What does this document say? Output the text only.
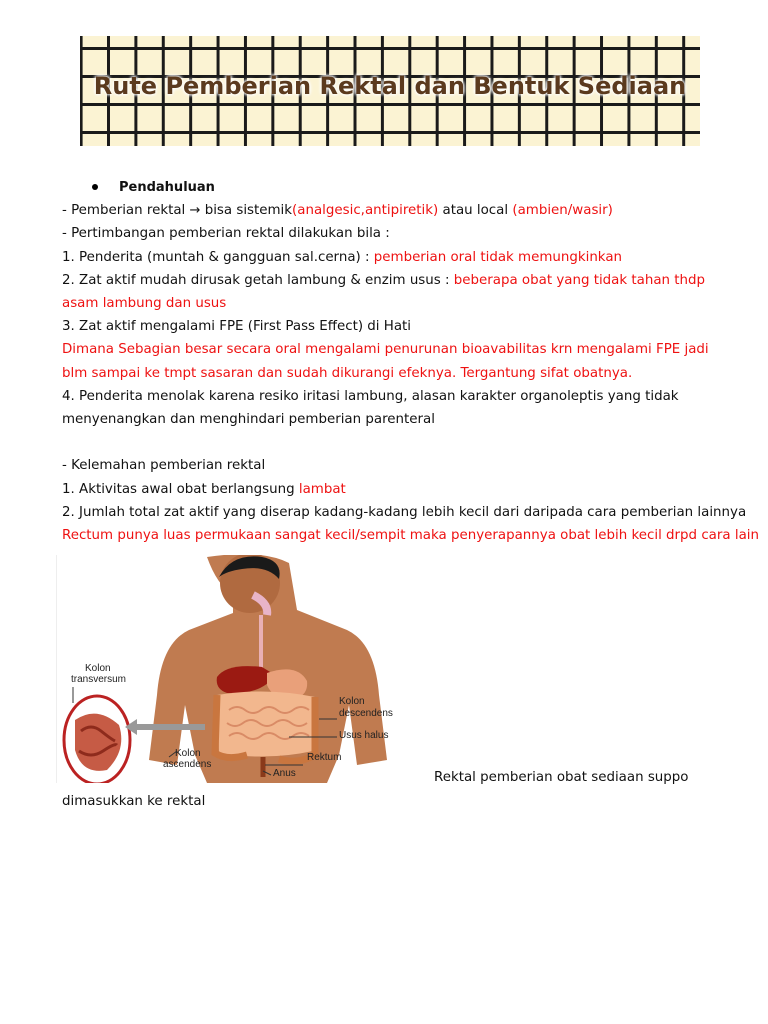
Rute Pemberian Rektal dan Bentuk Sediaan

Pendahuluan

- Pemberian rektal → bisa sistemik(analgesic,antipiretik) atau local (ambien/wasir)

- Pertimbangan pemberian rektal dilakukan bila :

1. Penderita (muntah & gangguan sal.cerna) : pemberian oral tidak memungkinkan

2. Zat aktif mudah dirusak getah lambung & enzim usus : beberapa obat yang tidak tahan thdp asam lambung dan usus

3. Zat aktif mengalami FPE (First Pass Effect) di Hati

Dimana Sebagian besar secara oral mengalami penurunan bioavabilitas krn mengalami FPE jadi blm sampai ke tmpt sasaran dan sudah dikurangi efeknya. Tergantung sifat obatnya.

4. Penderita menolak karena resiko iritasi lambung, alasan karakter organoleptis yang tidak menyenangkan dan menghindari pemberian parenteral

- Kelemahan pemberian rektal

1. Aktivitas awal obat berlangsung lambat

2. Jumlah total zat aktif yang diserap kadang-kadang lebih kecil dari daripada cara pemberian lainnya

Rectum punya luas permukaan sangat kecil/sempit maka penyerapannya obat lebih kecil drpd cara lain

Kolon
transversum
Kolon
descendens
Usus halus
Rektum
Anus
Kolon
ascendens
Rektal pemberian obat sediaan suppo
dimasukkan ke rektal
